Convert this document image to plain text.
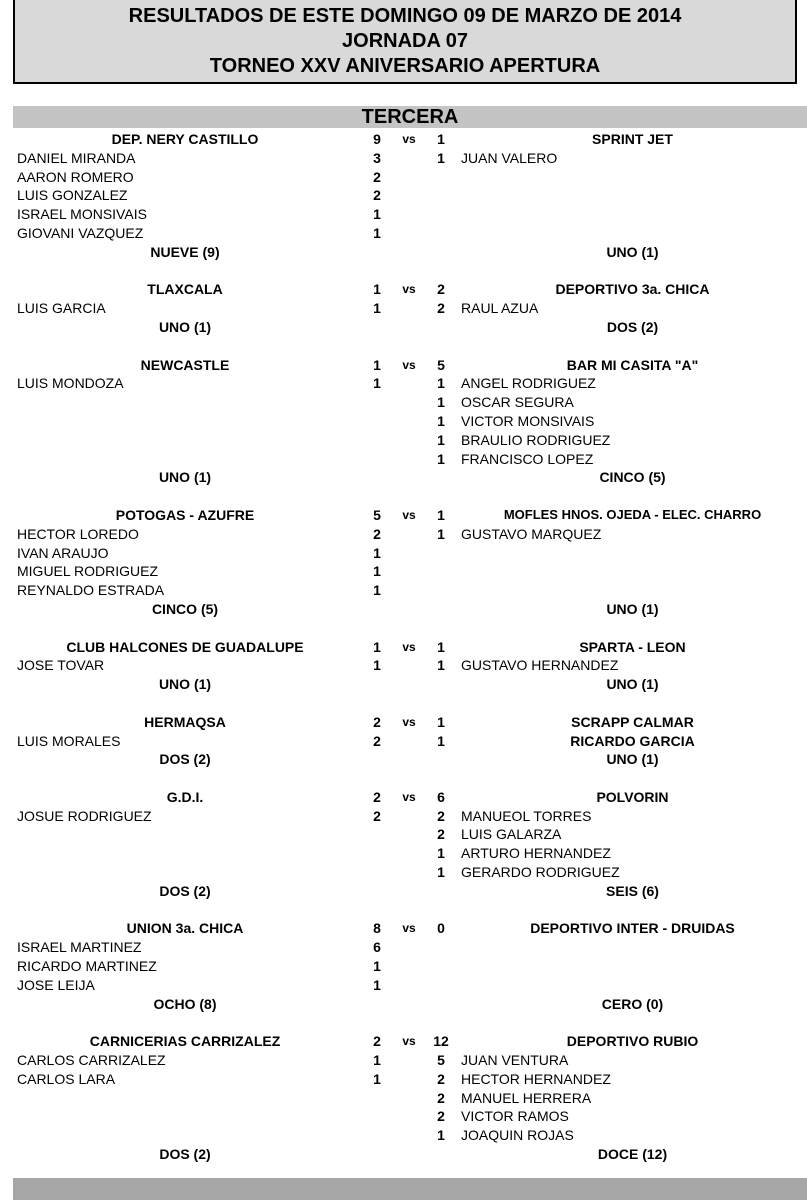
RESULTADOS DE ESTE DOMINGO 09 DE MARZO DE 2014
JORNADA 07
TORNEO XXV ANIVERSARIO APERTURA
TERCERA
DEP. NERY CASTILLO	9	vs	1	SPRINT JET
DANIEL MIRANDA	3	1	JUAN VALERO
AARON ROMERO	2
LUIS GONZALEZ	2
ISRAEL MONSIVAIS	1
GIOVANI VAZQUEZ	1
NUEVE (9)	UNO (1)
TLAXCALA	1	vs	2	DEPORTIVO 3a. CHICA
LUIS GARCIA	1	2	RAUL AZUA
UNO (1)	DOS (2)
NEWCASTLE	1	vs	5	BAR MI CASITA "A"
LUIS MONDOZA	1	1	ANGEL RODRIGUEZ
1	OSCAR SEGURA
1	VICTOR MONSIVAIS
1	BRAULIO RODRIGUEZ
1	FRANCISCO LOPEZ
UNO (1)	CINCO (5)
POTOGAS - AZUFRE	5	vs	1	MOFLES HNOS. OJEDA - ELEC. CHARRO
HECTOR LOREDO	2	1	GUSTAVO MARQUEZ
IVAN ARAUJO	1
MIGUEL RODRIGUEZ	1
REYNALDO ESTRADA	1
CINCO (5)	UNO (1)
CLUB HALCONES DE GUADALUPE	1	vs	1	SPARTA - LEON
JOSE TOVAR	1	1	GUSTAVO HERNANDEZ
UNO (1)	UNO (1)
HERMAQSA	2	vs	1	SCRAPP CALMAR
LUIS MORALES	2	1	RICARDO GARCIA
DOS (2)	UNO (1)
G.D.I.	2	vs	6	POLVORIN
JOSUE RODRIGUEZ	2	2	MANUEOL TORRES
2	LUIS GALARZA
1	ARTURO HERNANDEZ
1	GERARDO RODRIGUEZ
DOS (2)	SEIS (6)
UNION 3a. CHICA	8	vs	0	DEPORTIVO INTER - DRUIDAS
ISRAEL MARTINEZ	6
RICARDO MARTINEZ	1
JOSE LEIJA	1
OCHO (8)	CERO (0)
CARNICERIAS CARRIZALEZ	2	vs	12	DEPORTIVO RUBIO
CARLOS CARRIZALEZ	1	5	JUAN VENTURA
CARLOS LARA	1	2	HECTOR HERNANDEZ
2	MANUEL HERRERA
2	VICTOR RAMOS
1	JOAQUIN ROJAS
DOS (2)	DOCE (12)
